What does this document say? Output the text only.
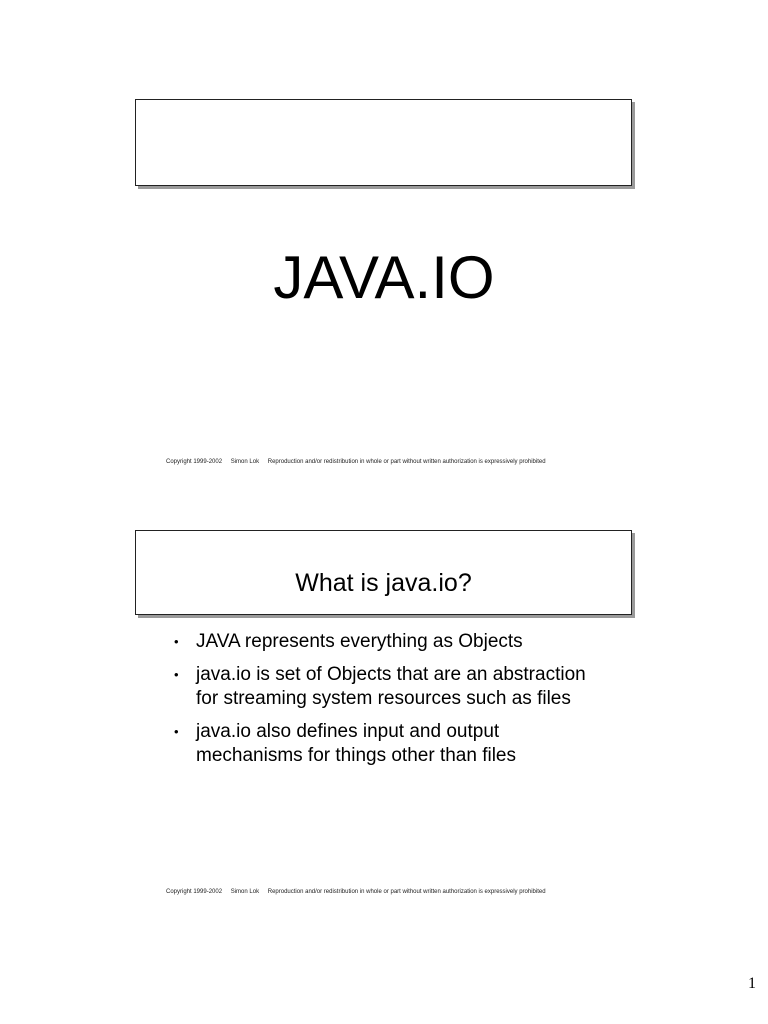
JAVA.IO
Copyright 1999-2002 Simon Lok Reproduction and/or redistribution in whole or part without written authorization is expressively prohibited
What is java.io?
• JAVA represents everything as Objects
• java.io is set of Objects that are an abstraction for streaming system resources such as files
• java.io also defines input and output mechanisms for things other than files
Copyright 1999-2002 Simon Lok Reproduction and/or redistribution in whole or part without written authorization is expressively prohibited
1
